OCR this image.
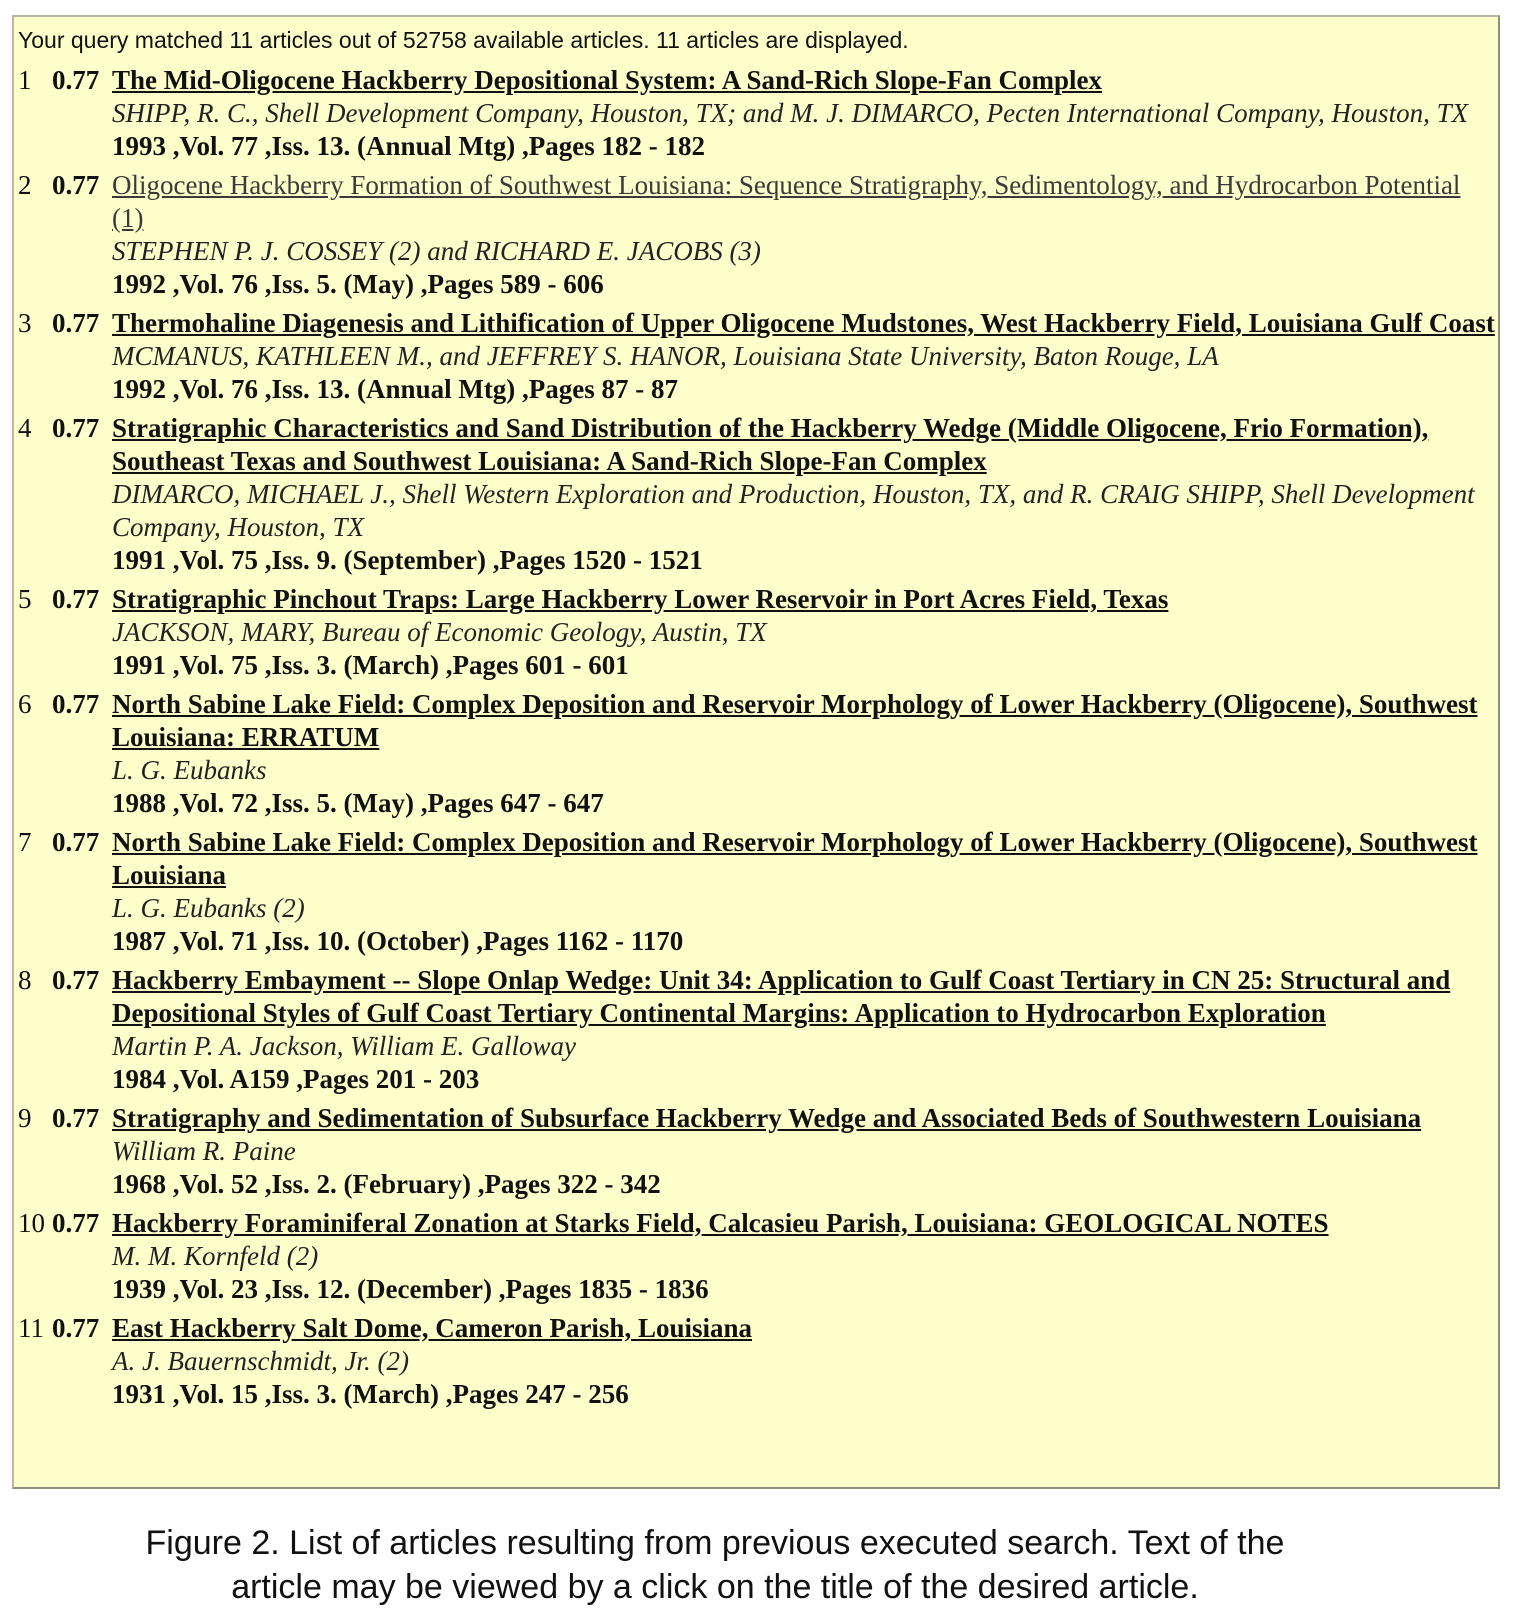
Your query matched 11 articles out of 52758 available articles. 11 articles are displayed.

1 0.77 The Mid-Oligocene Hackberry Depositional System: A Sand-Rich Slope-Fan Complex
SHIPP, R. C., Shell Development Company, Houston, TX; and M. J. DIMARCO, Pecten International Company, Houston, TX
1993 ,Vol. 77 ,Iss. 13. (Annual Mtg) ,Pages 182 - 182
2 0.77 Oligocene Hackberry Formation of Southwest Louisiana: Sequence Stratigraphy, Sedimentology, and Hydrocarbon Potential (1)
STEPHEN P. J. COSSEY (2) and RICHARD E. JACOBS (3)
1992 ,Vol. 76 ,Iss. 5. (May) ,Pages 589 - 606
3 0.77 Thermohaline Diagenesis and Lithification of Upper Oligocene Mudstones, West Hackberry Field, Louisiana Gulf Coast
MCMANUS, KATHLEEN M., and JEFFREY S. HANOR, Louisiana State University, Baton Rouge, LA
1992 ,Vol. 76 ,Iss. 13. (Annual Mtg) ,Pages 87 - 87
4 0.77 Stratigraphic Characteristics and Sand Distribution of the Hackberry Wedge (Middle Oligocene, Frio Formation), Southeast Texas and Southwest Louisiana: A Sand-Rich Slope-Fan Complex
DIMARCO, MICHAEL J., Shell Western Exploration and Production, Houston, TX, and R. CRAIG SHIPP, Shell Development Company, Houston, TX
1991 ,Vol. 75 ,Iss. 9. (September) ,Pages 1520 - 1521
5 0.77 Stratigraphic Pinchout Traps: Large Hackberry Lower Reservoir in Port Acres Field, Texas
JACKSON, MARY, Bureau of Economic Geology, Austin, TX
1991 ,Vol. 75 ,Iss. 3. (March) ,Pages 601 - 601
6 0.77 North Sabine Lake Field: Complex Deposition and Reservoir Morphology of Lower Hackberry (Oligocene), Southwest Louisiana: ERRATUM
L. G. Eubanks
1988 ,Vol. 72 ,Iss. 5. (May) ,Pages 647 - 647
7 0.77 North Sabine Lake Field: Complex Deposition and Reservoir Morphology of Lower Hackberry (Oligocene), Southwest Louisiana
L. G. Eubanks (2)
1987 ,Vol. 71 ,Iss. 10. (October) ,Pages 1162 - 1170
8 0.77 Hackberry Embayment -- Slope Onlap Wedge: Unit 34: Application to Gulf Coast Tertiary in CN 25: Structural and Depositional Styles of Gulf Coast Tertiary Continental Margins: Application to Hydrocarbon Exploration
Martin P. A. Jackson, William E. Galloway
1984 ,Vol. A159 ,Pages 201 - 203
9 0.77 Stratigraphy and Sedimentation of Subsurface Hackberry Wedge and Associated Beds of Southwestern Louisiana
William R. Paine
1968 ,Vol. 52 ,Iss. 2. (February) ,Pages 322 - 342
10 0.77 Hackberry Foraminiferal Zonation at Starks Field, Calcasieu Parish, Louisiana: GEOLOGICAL NOTES
M. M. Kornfeld (2)
1939 ,Vol. 23 ,Iss. 12. (December) ,Pages 1835 - 1836
11 0.77 East Hackberry Salt Dome, Cameron Parish, Louisiana
A. J. Bauernschmidt, Jr. (2)
1931 ,Vol. 15 ,Iss. 3. (March) ,Pages 247 - 256

Figure 2. List of articles resulting from previous executed search. Text of the
article may be viewed by a click on the title of the desired article.
